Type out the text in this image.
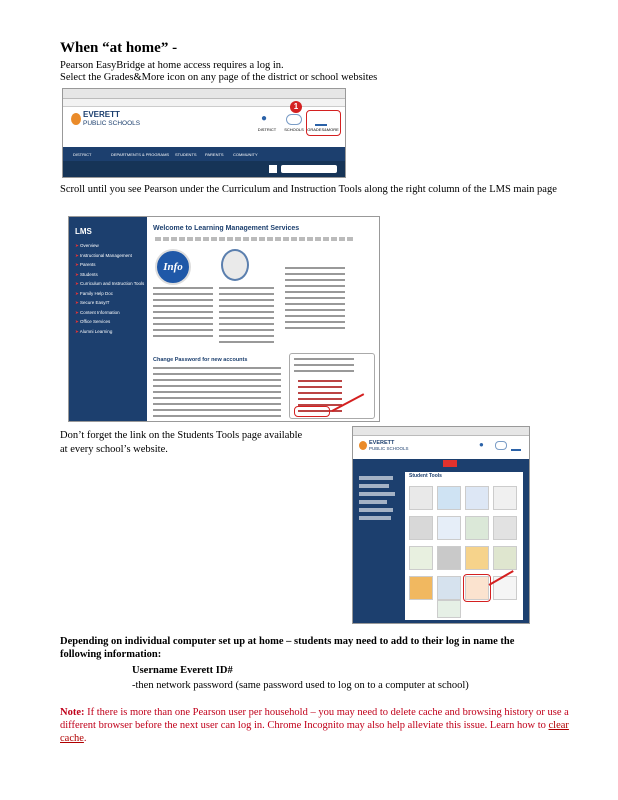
When “at home” -
Pearson EasyBridge at home access requires a log in.
Select the Grades&More icon on any page of the district or school websites
EVERETT
PUBLIC SCHOOLS	●
DISTRICT	SCHOOLS GRADES&MORE
1
DISTRICT	DEPARTMENTS & PROGRAMS STUDENTS PARENTS COMMUNITY
Scroll until you see Pearson under the Curriculum and Instruction Tools along the right column of the LMS main page
LMS
➤ Overview
➤ Instructional Management
➤ Parents
➤ Students
➤ Curriculum and Instruction Tools
➤ Family Help Doc
➤ Secure EasyIT
➤ Content Information
➤ Office Services
➤ Alumni Learning
Welcome to Learning Management Services
Info
Change Password for new accounts
Don’t forget the link on the Students Tools page available
at every school’s website.
EVERETT
PUBLIC SCHOOLS	●
Student Tools
Depending on individual computer set up at home – students may need to add to their log in name the
following information:
Username Everett ID#
-then network password (same password used to log on to a computer at school)
Note: If there is more than one Pearson user per household – you may need to delete cache and browsing history or use a different browser before the next user can log in. Chrome Incognito may also help alleviate this issue. Learn how to clear cache.
